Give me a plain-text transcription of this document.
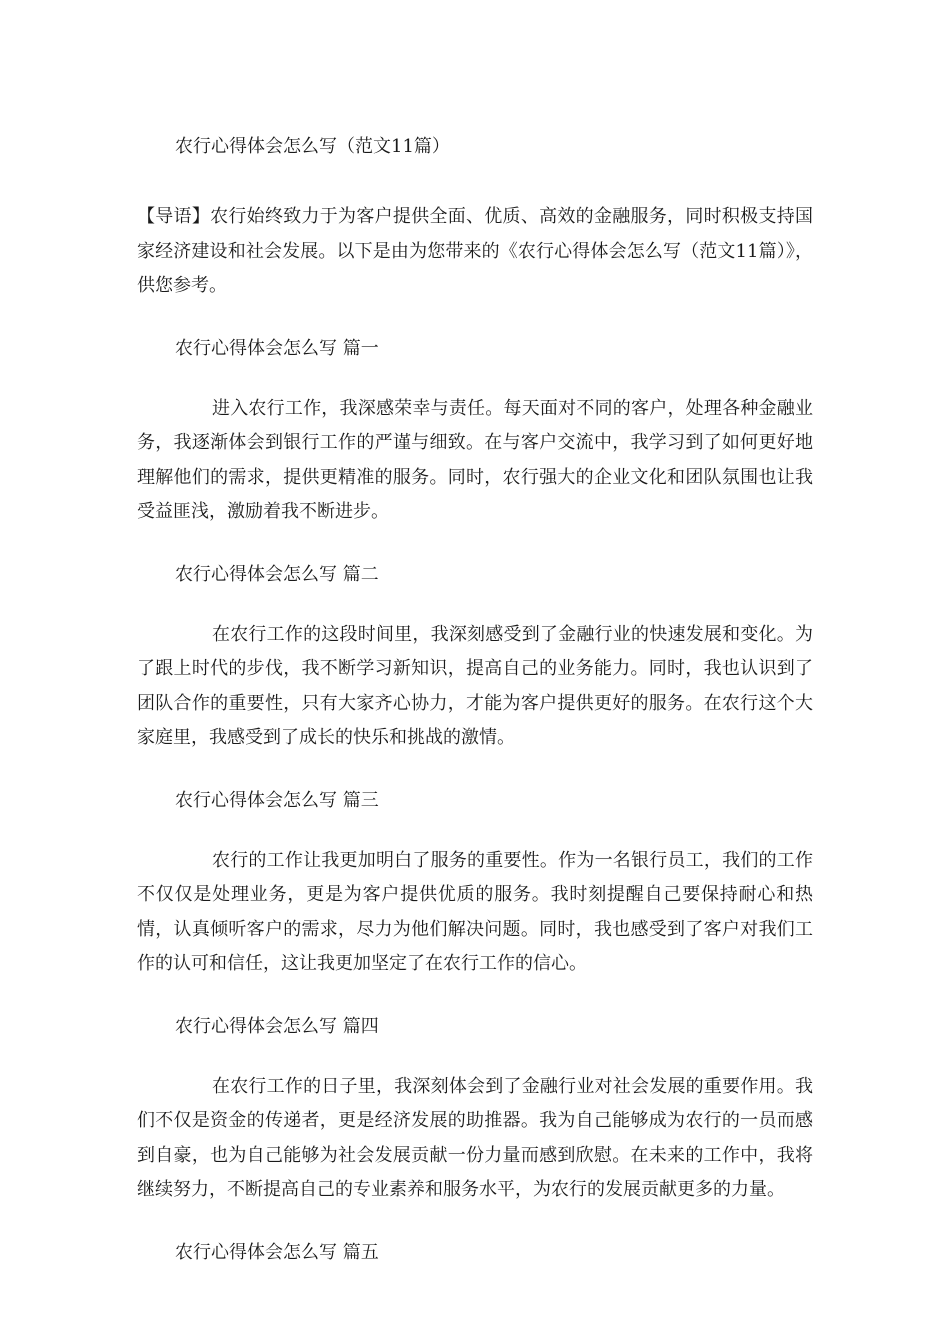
农行心得体会怎么写（范文11篇）

【导语】农行始终致力于为客户提供全面、优质、高效的金融服务，同时积极支持国家经济建设和社会发展。以下是由为您带来的《农行心得体会怎么写（范文11篇）》，供您参考。

农行心得体会怎么写 篇一

进入农行工作，我深感荣幸与责任。每天面对不同的客户，处理各种金融业务，我逐渐体会到银行工作的严谨与细致。在与客户交流中，我学习到了如何更好地理解他们的需求，提供更精准的服务。同时，农行强大的企业文化和团队氛围也让我受益匪浅，激励着我不断进步。

农行心得体会怎么写 篇二

在农行工作的这段时间里，我深刻感受到了金融行业的快速发展和变化。为了跟上时代的步伐，我不断学习新知识，提高自己的业务能力。同时，我也认识到了团队合作的重要性，只有大家齐心协力，才能为客户提供更好的服务。在农行这个大家庭里，我感受到了成长的快乐和挑战的激情。

农行心得体会怎么写 篇三

农行的工作让我更加明白了服务的重要性。作为一名银行员工，我们的工作不仅仅是处理业务，更是为客户提供优质的服务。我时刻提醒自己要保持耐心和热情，认真倾听客户的需求，尽力为他们解决问题。同时，我也感受到了客户对我们工作的认可和信任，这让我更加坚定了在农行工作的信心。

农行心得体会怎么写 篇四

在农行工作的日子里，我深刻体会到了金融行业对社会发展的重要作用。我们不仅是资金的传递者，更是经济发展的助推器。我为自己能够成为农行的一员而感到自豪，也为自己能够为社会发展贡献一份力量而感到欣慰。在未来的工作中，我将继续努力，不断提高自己的专业素养和服务水平，为农行的发展贡献更多的力量。

农行心得体会怎么写 篇五
